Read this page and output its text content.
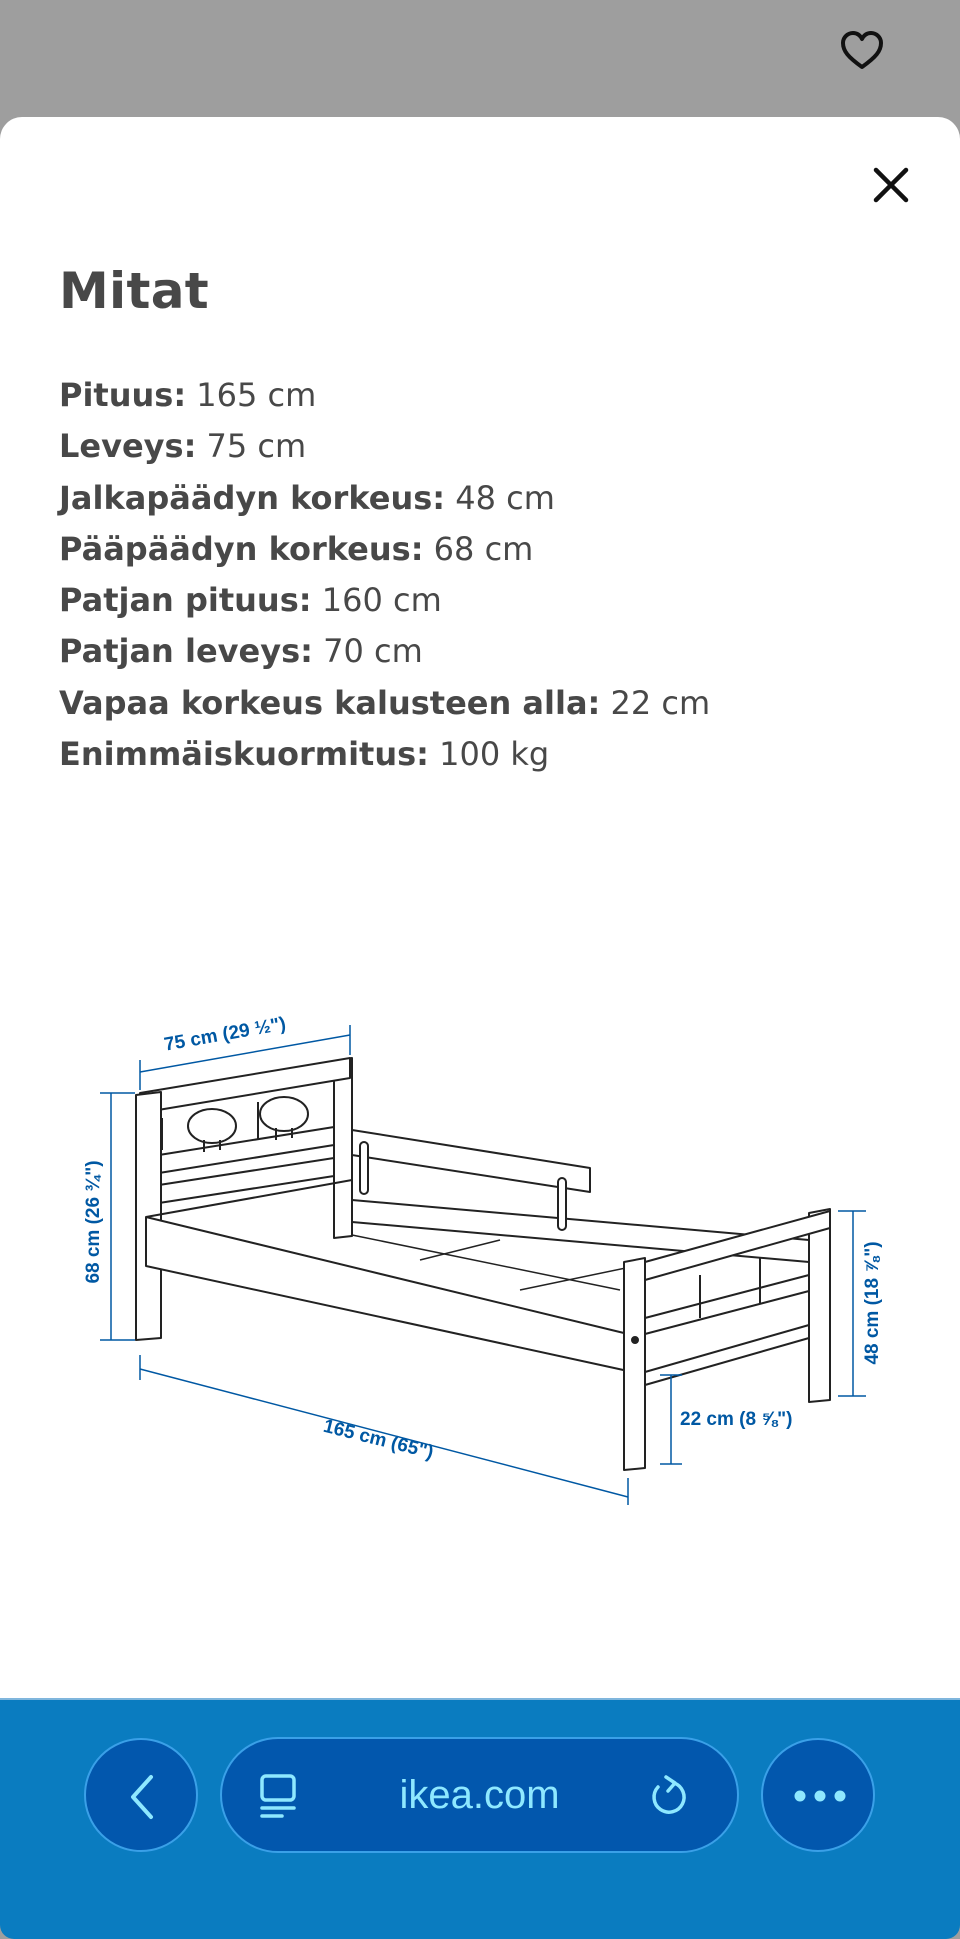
Mitat
Pituus: 165 cm
Leveys: 75 cm
Jalkapäädyn korkeus: 48 cm
Pääpäädyn korkeus: 68 cm
Patjan pituus: 160 cm
Patjan leveys: 70 cm
Vapaa korkeus kalusteen alla: 22 cm
Enimmäiskuormitus: 100 kg
75 cm (29 ½")
68 cm (26 ¾")
165 cm (65")	22 cm (8 ⅝")
48 cm (18 ⅞")
ikea.com
